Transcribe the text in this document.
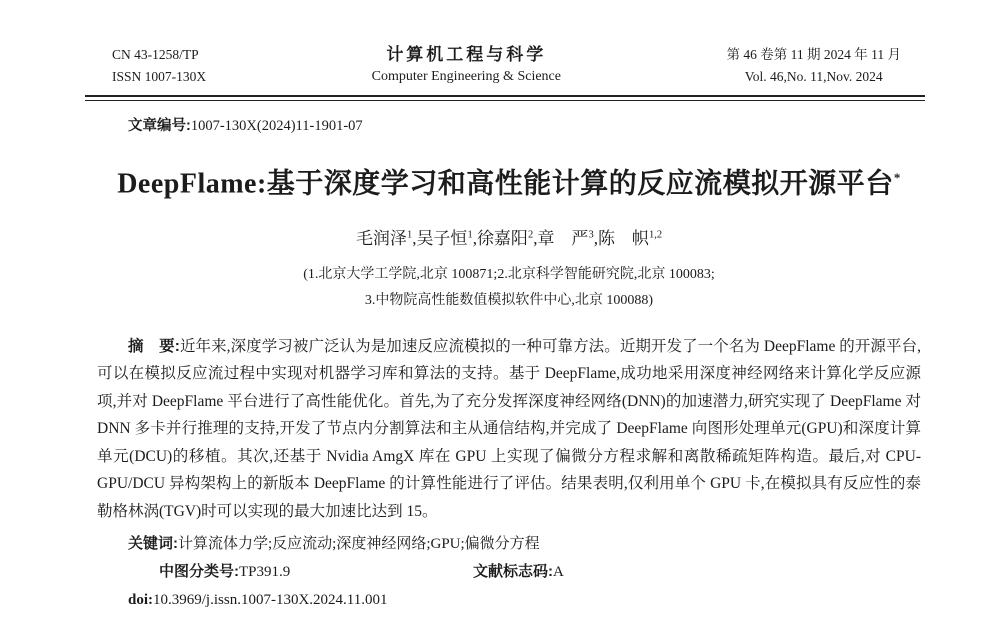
CN 43-1258/TP
ISSN 1007-130X
计算机工程与科学
Computer Engineering & Science
第 46 卷第 11 期 2024 年 11 月
Vol. 46,No. 11,Nov. 2024
文章编号:1007-130X(2024)11-1901-07
DeepFlame:基于深度学习和高性能计算的反应流模拟开源平台*
毛润泽$^1$,吴子恒$^1$,徐嘉阳$^2$,章　严$^3$,陈　帜$^{1,2}$
(1.北京大学工学院,北京 100871;2.北京科学智能研究院,北京 100083;
3.中物院高性能数值模拟软件中心,北京 100088)

摘　要:近年来,深度学习被广泛认为是加速反应流模拟的一种可靠方法。近期开发了一个名为 DeepFlame 的开源平台,可以在模拟反应流过程中实现对机器学习库和算法的支持。基于 DeepFlame,成功地采用深度神经网络来计算化学反应源项,并对 DeepFlame 平台进行了高性能优化。首先,为了充分发挥深度神经网络(DNN)的加速潜力,研究实现了 DeepFlame 对 DNN 多卡并行推理的支持,开发了节点内分割算法和主从通信结构,并完成了 DeepFlame 向图形处理单元(GPU)和深度计算单元(DCU)的移植。其次,还基于 Nvidia AmgX 库在 GPU 上实现了偏微分方程求解和离散稀疏矩阵构造。最后,对 CPU-GPU/DCU 异构架构上的新版本 DeepFlame 的计算性能进行了评估。结果表明,仅利用单个 GPU 卡,在模拟具有反应性的泰勒格林涡(TGV)时可以实现的最大加速比达到 15。

关键词:计算流体力学;反应流动;深度神经网络;GPU;偏微分方程

中图分类号:TP391.9	文献标志码:A

doi:10.3969/j.issn.1007-130X.2024.11.001
